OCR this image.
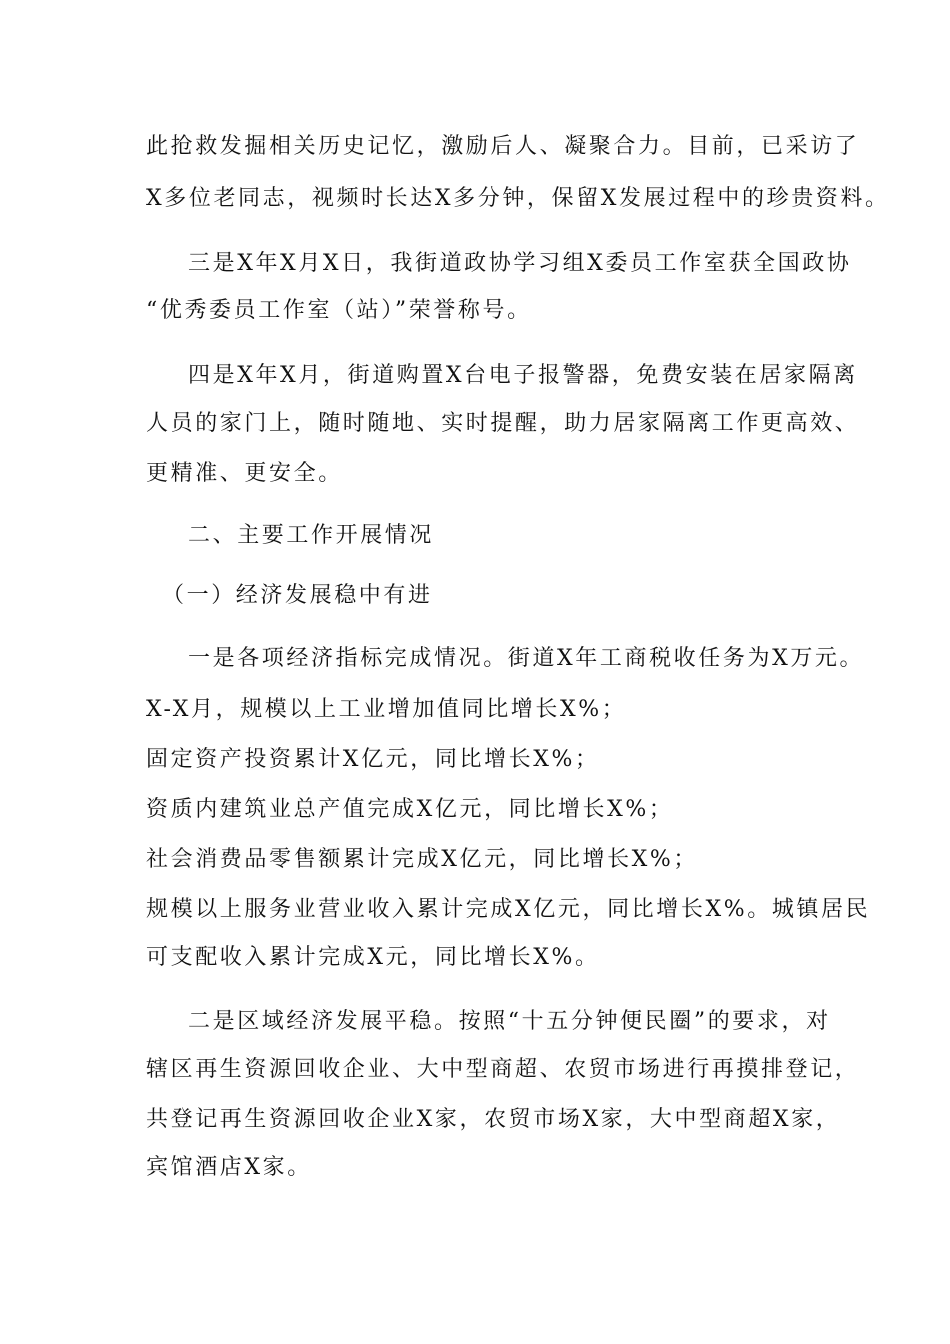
此抢救发掘相关历史记忆，激励后人、凝聚合力。目前，已采访了
X多位老同志，视频时长达X多分钟，保留X发展过程中的珍贵资料。
三是X年X月X日，我街道政协学习组X委员工作室获全国政协
“优秀委员工作室（站）”荣誉称号。
四是X年X月，街道购置X台电子报警器，免费安装在居家隔离
人员的家门上，随时随地、实时提醒，助力居家隔离工作更高效、
更精准、更安全。
二、主要工作开展情况
（一）经济发展稳中有进
一是各项经济指标完成情况。街道X年工商税收任务为X万元。
X-X月，规模以上工业增加值同比增长X%；
固定资产投资累计X亿元，同比增长X%；
资质内建筑业总产值完成X亿元，同比增长X%；
社会消费品零售额累计完成X亿元，同比增长X%；
规模以上服务业营业收入累计完成X亿元，同比增长X%。城镇居民
可支配收入累计完成X元，同比增长X%。
二是区域经济发展平稳。按照“十五分钟便民圈”的要求，对
辖区再生资源回收企业、大中型商超、农贸市场进行再摸排登记，
共登记再生资源回收企业X家，农贸市场X家，大中型商超X家，
宾馆酒店X家。
